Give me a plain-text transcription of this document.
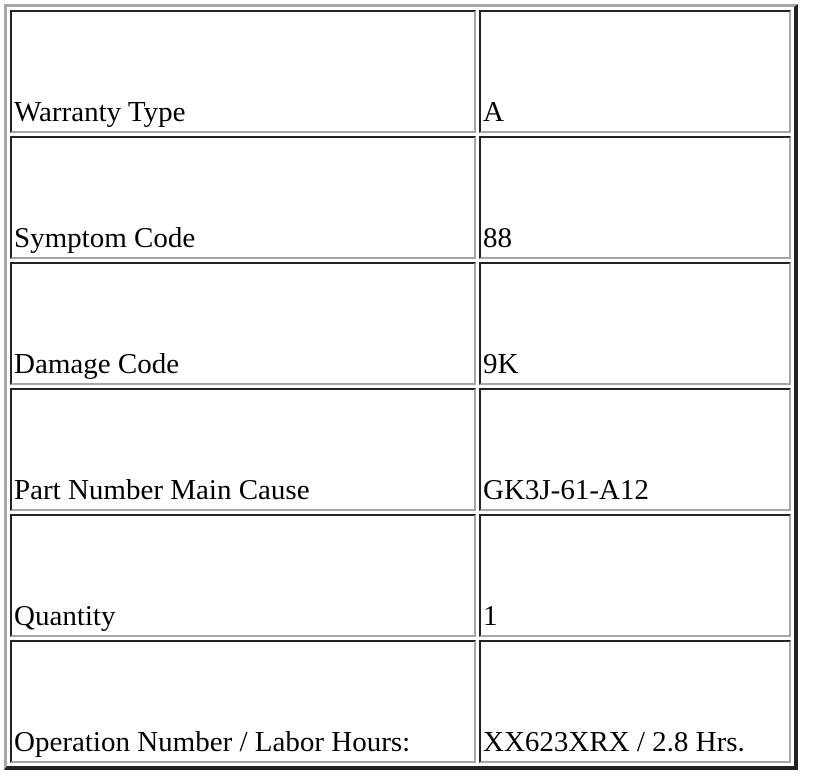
Warranty Type	A
Symptom Code	88
Damage Code	9K
Part Number Main Cause	GK3J-61-A12
Quantity	1
Operation Number / Labor Hours:	XX623XRX / 2.8 Hrs.
